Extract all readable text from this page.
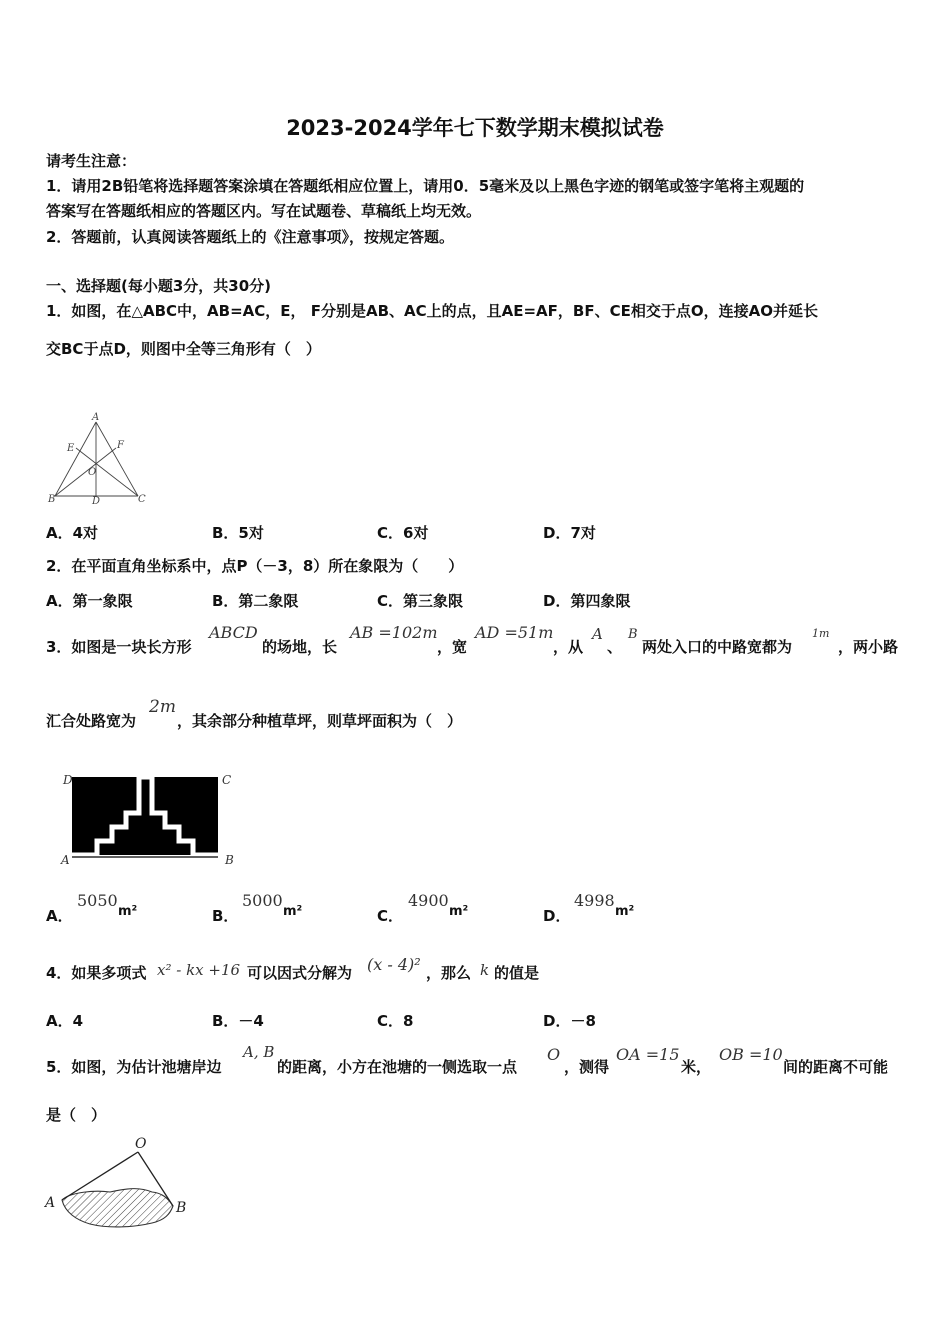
2023-2024学年七下数学期末模拟试卷
请考生注意：
1．请用2B铅笔将选择题答案涂填在答题纸相应位置上，请用0．5毫米及以上黑色字迹的钢笔或签字笔将主观题的
答案写在答题纸相应的答题区内。写在试题卷、草稿纸上均无效。
2．答题前，认真阅读答题纸上的《注意事项》，按规定答题。
一、选择题(每小题3分，共30分)
1．如图，在△ABC中，AB=AC，E， F分别是AB、AC上的点，且AE=AF，BF、CE相交于点O，连接AO并延长
交BC于点D，则图中全等三角形有（　）
A
B	C
D
E	F
O
A．4对	B．5对	C．6对	D．7对
2．在平面直角坐标系中，点P（－3，8）所在象限为（　　）
A．第一象限	B．第二象限	C．第三象限	D．第四象限
3．如图是一块长方形
ABCD
的场地，长
AB =102m
，宽
AD =51m
，从
A
、
B
两处入口的中路宽都为
1m
，两小路
汇合处路宽为
2m
，其余部分种植草坪，则草坪面积为（　）
D	C
A	B
A．
5050
m²	B．
5000
m²	C．
4900
m²	D．
4998
m²
4．如果多项式 x² - kx +16 可以因式分解为 (x - 4)² ，那么 k 的值是
A．4	B．－4	C．8	D．－8
5．如图，为估计池塘岸边
A, B
的距离，小方在池塘的一侧选取一点
O
，测得
OA =15
米，
OB =10
间的距离不可能
是（　）
O
A	B
